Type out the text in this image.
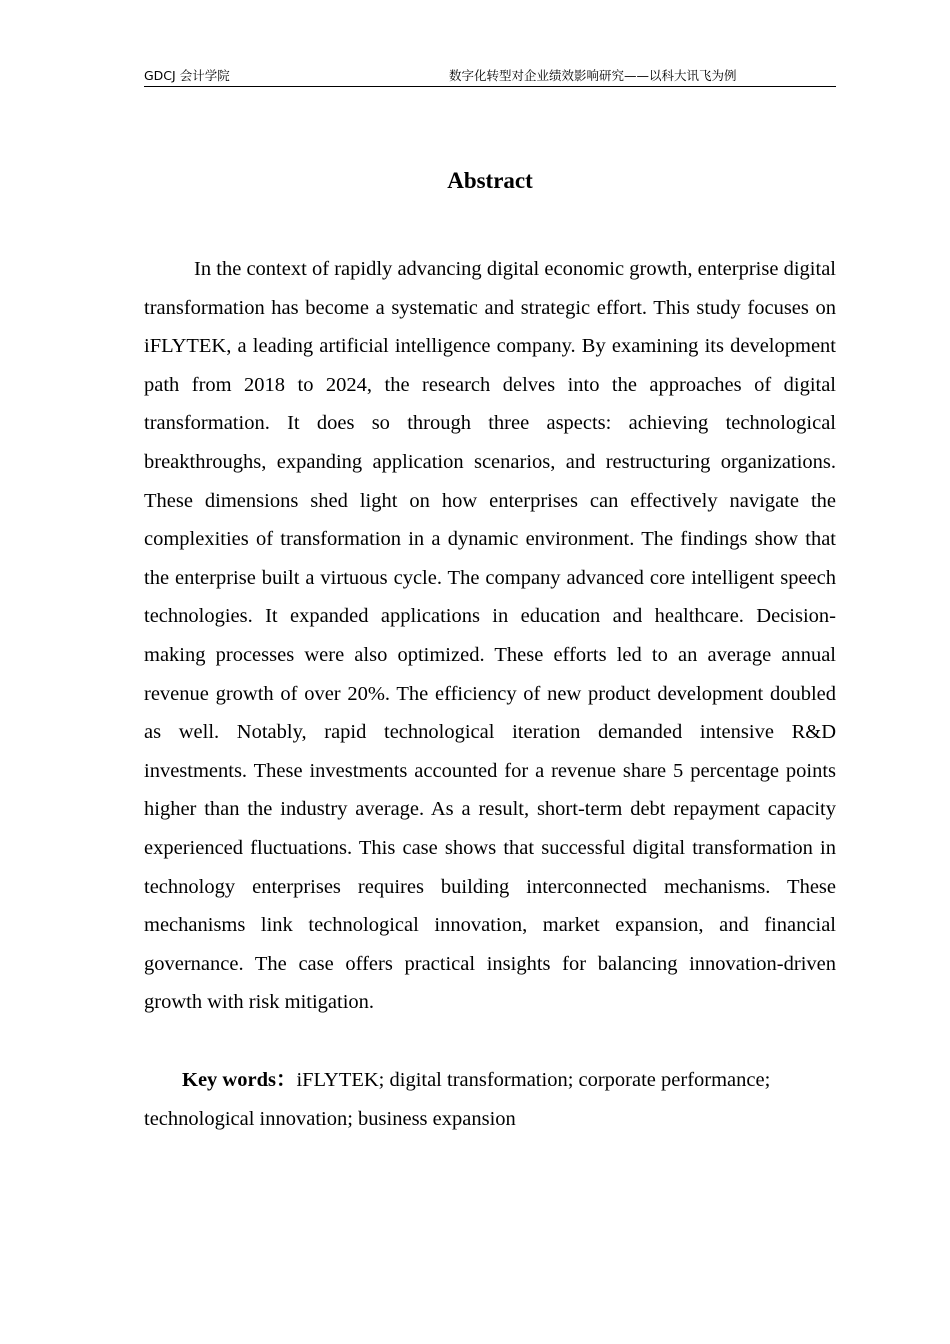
GDCJ 会计学院	数字化转型对企业绩效影响研究——以科大讯飞为例
Abstract

In the context of rapidly advancing digital economic growth, enterprise digital transformation has become a systematic and strategic effort. This study focuses on iFLYTEK, a leading artificial intelligence company. By examining its development path from 2018 to 2024, the research delves into the approaches of digital transformation. It does so through three aspects: achieving technological breakthroughs, expanding application scenarios, and restructuring organizations. These dimensions shed light on how enterprises can effectively navigate the complexities of transformation in a dynamic environment. The findings show that the enterprise built a virtuous cycle. The company advanced core intelligent speech technologies. It expanded applications in education and healthcare. Decision-making processes were also optimized. These efforts led to an average annual revenue growth of over 20%. The efficiency of new product development doubled as well. Notably, rapid technological iteration demanded intensive R&D investments. These investments accounted for a revenue share 5 percentage points higher than the industry average. As a result, short-term debt repayment capacity experienced fluctuations. This case shows that successful digital transformation in technology enterprises requires building interconnected mechanisms. These mechanisms link technological innovation, market expansion, and financial governance. The case offers practical insights for balancing innovation-driven growth with risk mitigation.

Key words：iFLYTEK; digital transformation; corporate performance; technological innovation; business expansion
